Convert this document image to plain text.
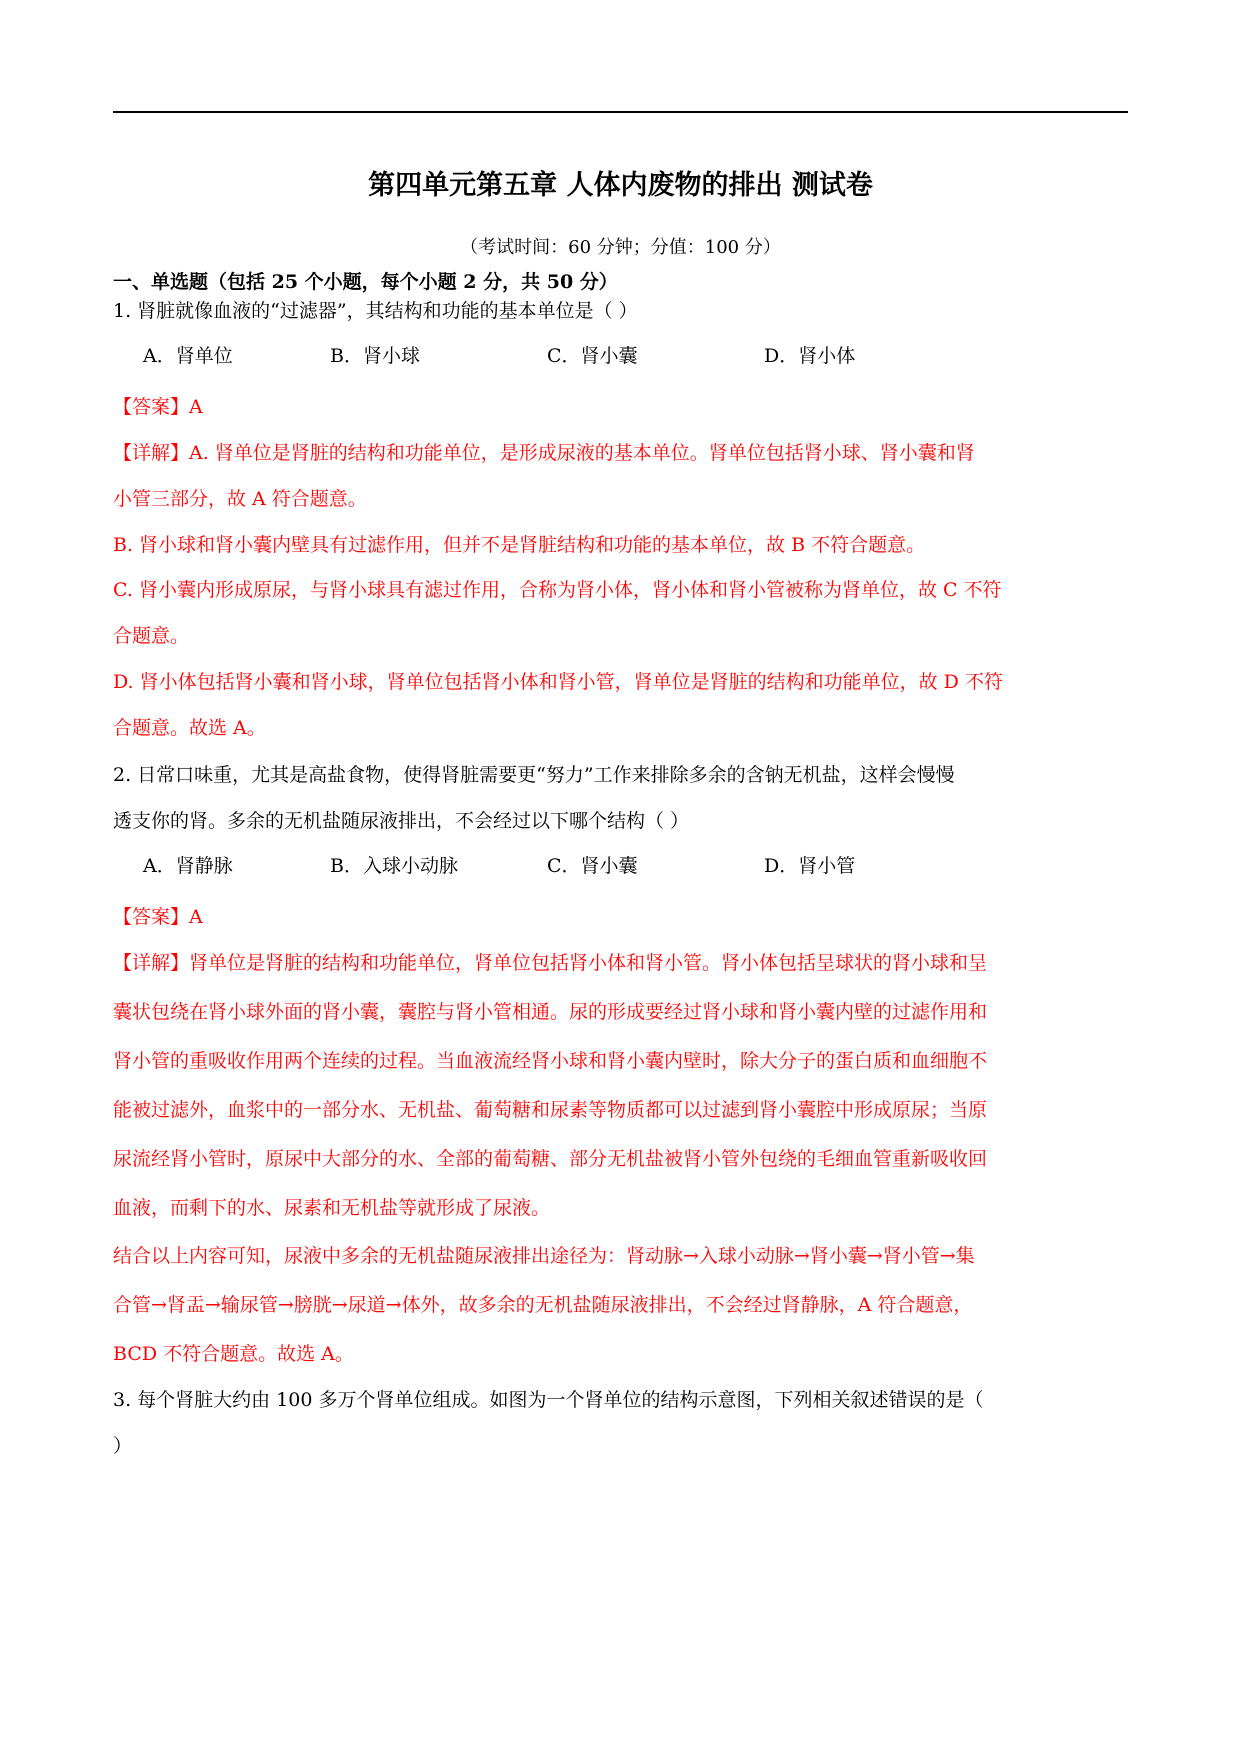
第四单元第五章 人体内废物的排出 测试卷
（考试时间：60 分钟；分值：100 分）
一、单选题（包括 25 个小题，每个小题 2 分，共 50 分）
1. 肾脏就像血液的“过滤器”，其结构和功能的基本单位是（ ）
A．肾单位	B．肾小球	C．肾小囊	D．肾小体
【答案】A
【详解】A. 肾单位是肾脏的结构和功能单位，是形成尿液的基本单位。肾单位包括肾小球、肾小囊和肾
小管三部分，故 A 符合题意。
B. 肾小球和肾小囊内壁具有过滤作用，但并不是肾脏结构和功能的基本单位，故 B 不符合题意。
C. 肾小囊内形成原尿，与肾小球具有滤过作用，合称为肾小体，肾小体和肾小管被称为肾单位，故 C 不符
合题意。
D. 肾小体包括肾小囊和肾小球，肾单位包括肾小体和肾小管，肾单位是肾脏的结构和功能单位，故 D 不符
合题意。故选 A。
2. 日常口味重，尤其是高盐食物，使得肾脏需要更“努力”工作来排除多余的含钠无机盐，这样会慢慢
透支你的肾。多余的无机盐随尿液排出，不会经过以下哪个结构（ ）
A．肾静脉	B．入球小动脉	C．肾小囊	D．肾小管
【答案】A
【详解】肾单位是肾脏的结构和功能单位，肾单位包括肾小体和肾小管。肾小体包括呈球状的肾小球和呈
囊状包绕在肾小球外面的肾小囊，囊腔与肾小管相通。尿的形成要经过肾小球和肾小囊内壁的过滤作用和
肾小管的重吸收作用两个连续的过程。当血液流经肾小球和肾小囊内壁时，除大分子的蛋白质和血细胞不
能被过滤外，血浆中的一部分水、无机盐、葡萄糖和尿素等物质都可以过滤到肾小囊腔中形成原尿；当原
尿流经肾小管时，原尿中大部分的水、全部的葡萄糖、部分无机盐被肾小管外包绕的毛细血管重新吸收回
血液，而剩下的水、尿素和无机盐等就形成了尿液。
结合以上内容可知，尿液中多余的无机盐随尿液排出途径为：肾动脉→入球小动脉→肾小囊→肾小管→集
合管→肾盂→输尿管→膀胱→尿道→体外，故多余的无机盐随尿液排出，不会经过肾静脉，A 符合题意，
BCD 不符合题意。故选 A。
3. 每个肾脏大约由 100 多万个肾单位组成。如图为一个肾单位的结构示意图，下列相关叙述错误的是（
）
